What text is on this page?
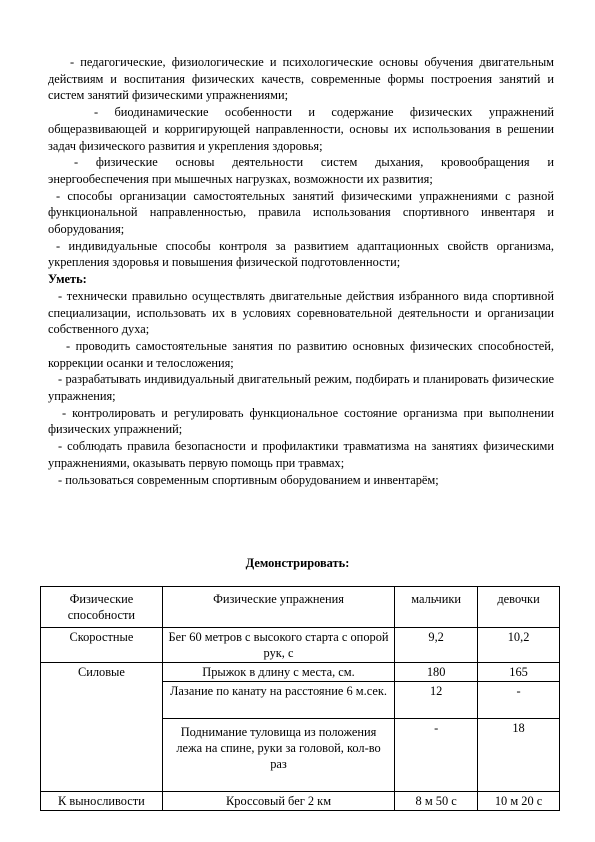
- педагогические, физиологические и психологические основы обучения двигательным действиям и воспитания физических качеств, современные формы построения занятий и систем занятий физическими упражнениями;

- биодинамические особенности и содержание физических упражнений общеразвивающей и корригирующей направленности, основы их использования в решении задач физического развития и укрепления здоровья;

- физические основы деятельности систем дыхания, кровообращения и энергообеспечения при мышечных нагрузках, возможности их развития;

- способы организации самостоятельных занятий физическими упражнениями с разной функциональной направленностью, правила использования спортивного инвентаря и оборудования;

- индивидуальные способы контроля за развитием адаптационных свойств организма, укрепления здоровья и повышения физической подготовленности;

Уметь:

- технически правильно осуществлять двигательные действия избранного вида спортивной специализации, использовать их в условиях соревновательной деятельности и организации собственного духа;

- проводить самостоятельные занятия по развитию основных физических способностей, коррекции осанки и телосложения;

- разрабатывать индивидуальный двигательный режим, подбирать и планировать физические упражнения;

- контролировать и регулировать функциональное состояние организма при выполнении физических упражнений;

- соблюдать правила безопасности и профилактики травматизма на занятиях физическими упражнениями, оказывать первую помощь при травмах;

- пользоваться современным спортивным оборудованием и инвентарём;

Демонстрировать:
Физические способности	Физические упражнения	мальчики	девочки
Скоростные	Бег 60 метров с высокого старта с опорой рук, с	9,2	10,2
Силовые	Прыжок в длину с места, см.	180	165
	Лазание по канату на расстояние 6 м.сек.	12	-
	Поднимание туловища из положения лежа на спине, руки за головой, кол-во раз	-	18
К выносливости	Кроссовый бег 2 км	8 м 50 с	10 м 20 с
